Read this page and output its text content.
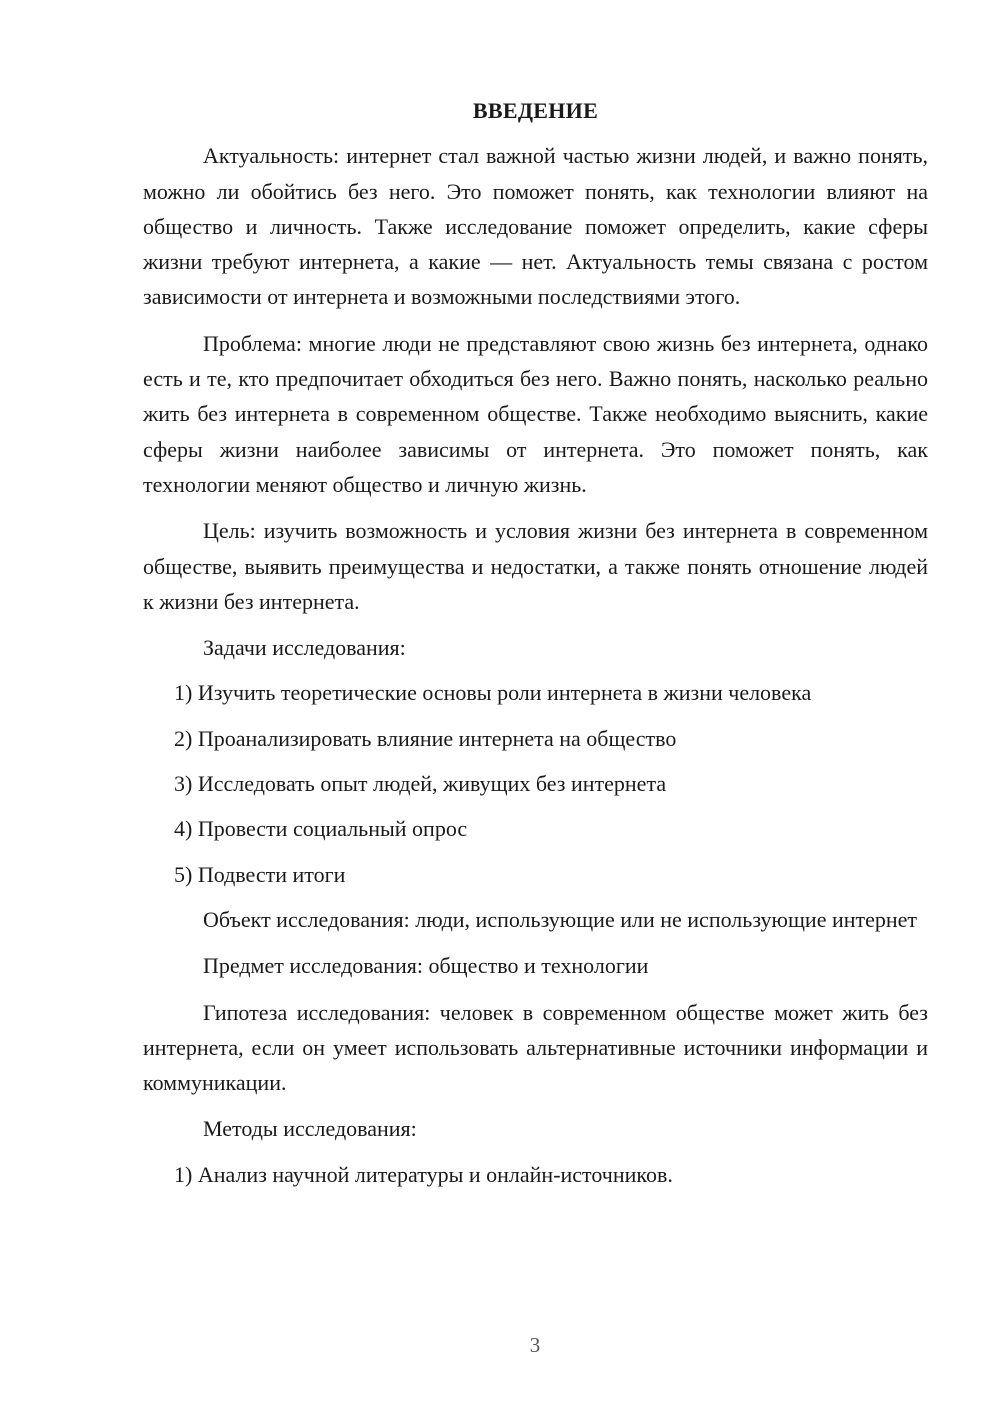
ВВЕДЕНИЕ

Актуальность: интернет стал важной частью жизни людей, и важно понять, можно ли обойтись без него. Это поможет понять, как технологии влияют на общество и личность. Также исследование поможет определить, какие сферы жизни требуют интернета, а какие — нет. Актуальность темы связана с ростом зависимости от интернета и возможными последствиями этого.

Проблема: многие люди не представляют свою жизнь без интернета, однако есть и те, кто предпочитает обходиться без него. Важно понять, насколько реально жить без интернета в современном обществе. Также необходимо выяснить, какие сферы жизни наиболее зависимы от интернета. Это поможет понять, как технологии меняют общество и личную жизнь.

Цель: изучить возможность и условия жизни без интернета в современном обществе, выявить преимущества и недостатки, а также понять отношение людей к жизни без интернета.

Задачи исследования:
1) Изучить теоретические основы роли интернета в жизни человека
2) Проанализировать влияние интернета на общество
3) Исследовать опыт людей, живущих без интернета
4) Провести социальный опрос
5) Подвести итоги

Объект исследования: люди, использующие или не использующие интернет

Предмет исследования: общество и технологии

Гипотеза исследования: человек в современном обществе может жить без интернета, если он умеет использовать альтернативные источники информации и коммуникации.

Методы исследования:
1) Анализ научной литературы и онлайн-источников.
3
